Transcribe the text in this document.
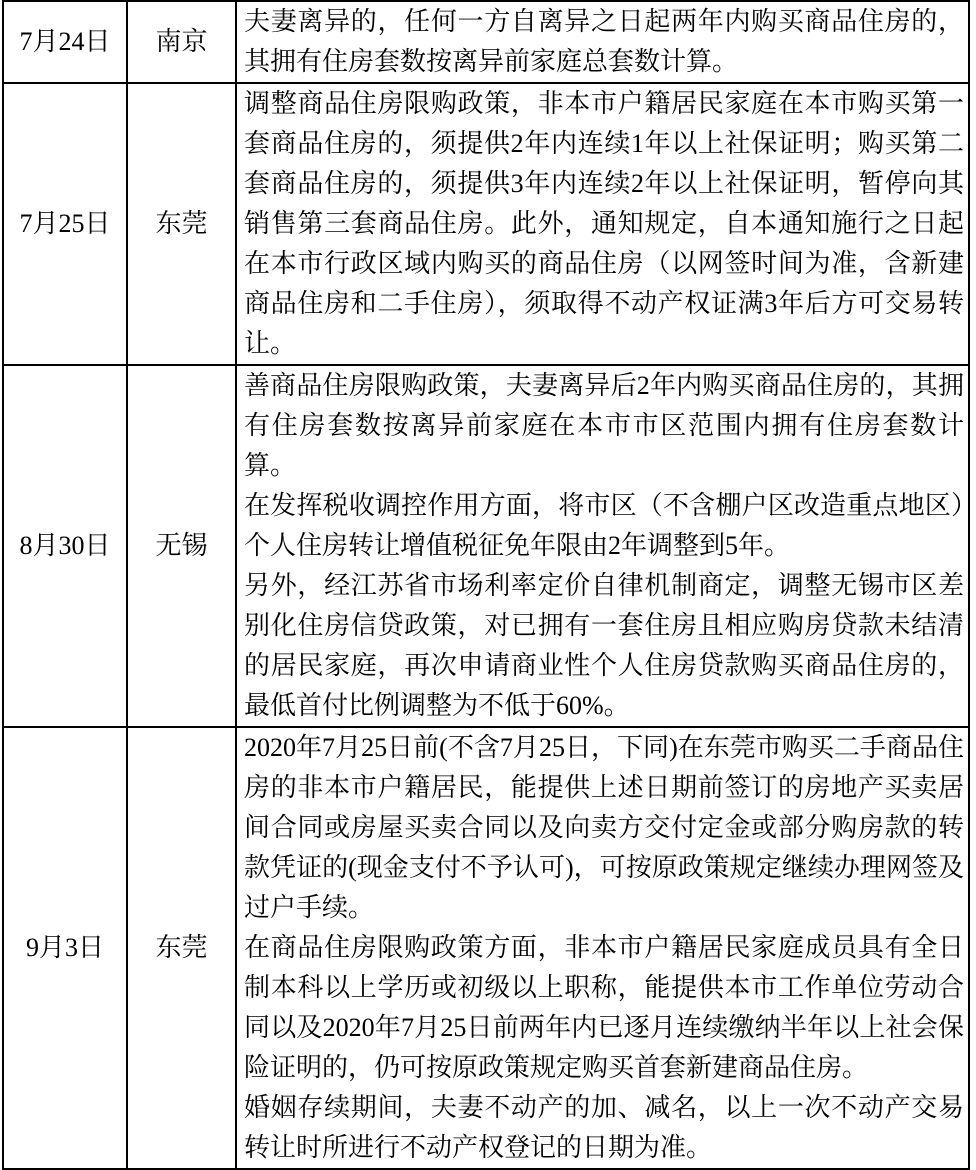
7月24日	南京	夫妻离异的，任何一方自离异之日起两年内购买商品住房的，其拥有住房套数按离异前家庭总套数计算。

7月25日	东莞	调整商品住房限购政策，非本市户籍居民家庭在本市购买第一套商品住房的，须提供2年内连续1年以上社保证明；购买第二套商品住房的，须提供3年内连续2年以上社保证明，暂停向其销售第三套商品住房。此外，通知规定，自本通知施行之日起在本市行政区域内购买的商品住房（以网签时间为准，含新建商品住房和二手住房），须取得不动产权证满3年后方可交易转让。

8月30日	无锡	善商品住房限购政策，夫妻离异后2年内购买商品住房的，其拥有住房套数按离异前家庭在本市市区范围内拥有住房套数计算。

在发挥税收调控作用方面，将市区（不含棚户区改造重点地区）个人住房转让增值税征免年限由2年调整到5年。

另外，经江苏省市场利率定价自律机制商定，调整无锡市区差别化住房信贷政策，对已拥有一套住房且相应购房贷款未结清的居民家庭，再次申请商业性个人住房贷款购买商品住房的，最低首付比例调整为不低于60%。

9月3日	东莞	2020年7月25日前(不含7月25日，下同)在东莞市购买二手商品住房的非本市户籍居民，能提供上述日期前签订的房地产买卖居间合同或房屋买卖合同以及向卖方交付定金或部分购房款的转款凭证的(现金支付不予认可)，可按原政策规定继续办理网签及过户手续。

在商品住房限购政策方面，非本市户籍居民家庭成员具有全日制本科以上学历或初级以上职称，能提供本市工作单位劳动合同以及2020年7月25日前两年内已逐月连续缴纳半年以上社会保险证明的，仍可按原政策规定购买首套新建商品住房。

婚姻存续期间，夫妻不动产的加、减名，以上一次不动产交易转让时所进行不动产权登记的日期为准。
